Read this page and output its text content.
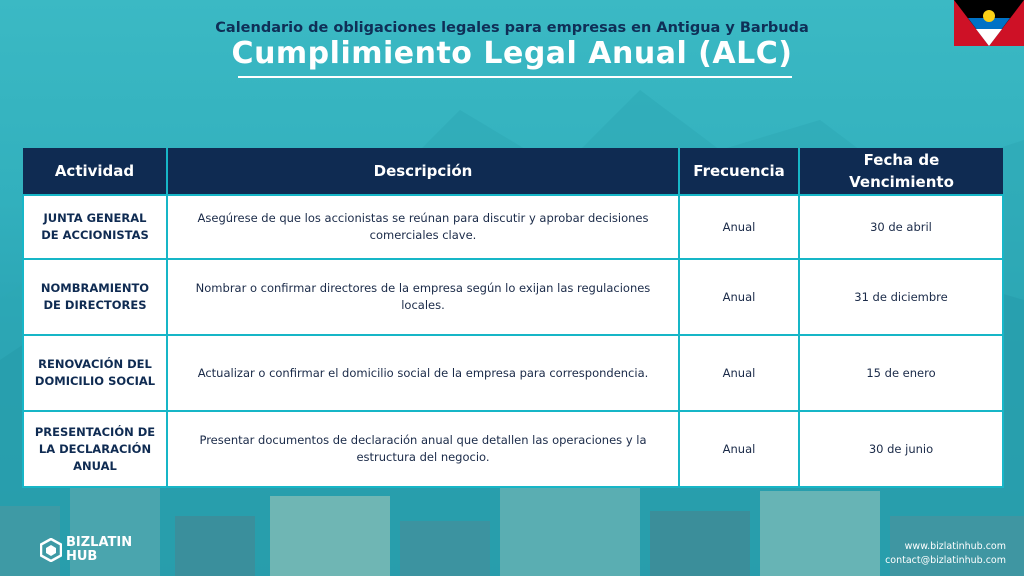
Calendario de obligaciones legales para empresas en Antigua y Barbuda
Cumplimiento Legal Anual (ALC)
Actividad	Descripción	Frecuencia	Fecha de Vencimiento
JUNTA GENERAL DE ACCIONISTAS	Asegúrese de que los accionistas se reúnan para discutir y aprobar decisiones comerciales clave.	Anual	30 de abril
NOMBRAMIENTO DE DIRECTORES	Nombrar o confirmar directores de la empresa según lo exijan las regulaciones locales.	Anual	31 de diciembre
RENOVACIÓN DEL DOMICILIO SOCIAL	Actualizar o confirmar el domicilio social de la empresa para correspondencia.	Anual	15 de enero
PRESENTACIÓN DE LA DECLARACIÓN ANUAL	Presentar documentos de declaración anual que detallen las operaciones y la estructura del negocio.	Anual	30 de junio
BIZLATIN
HUB
www.bizlatinhub.com
contact@bizlatinhub.com
